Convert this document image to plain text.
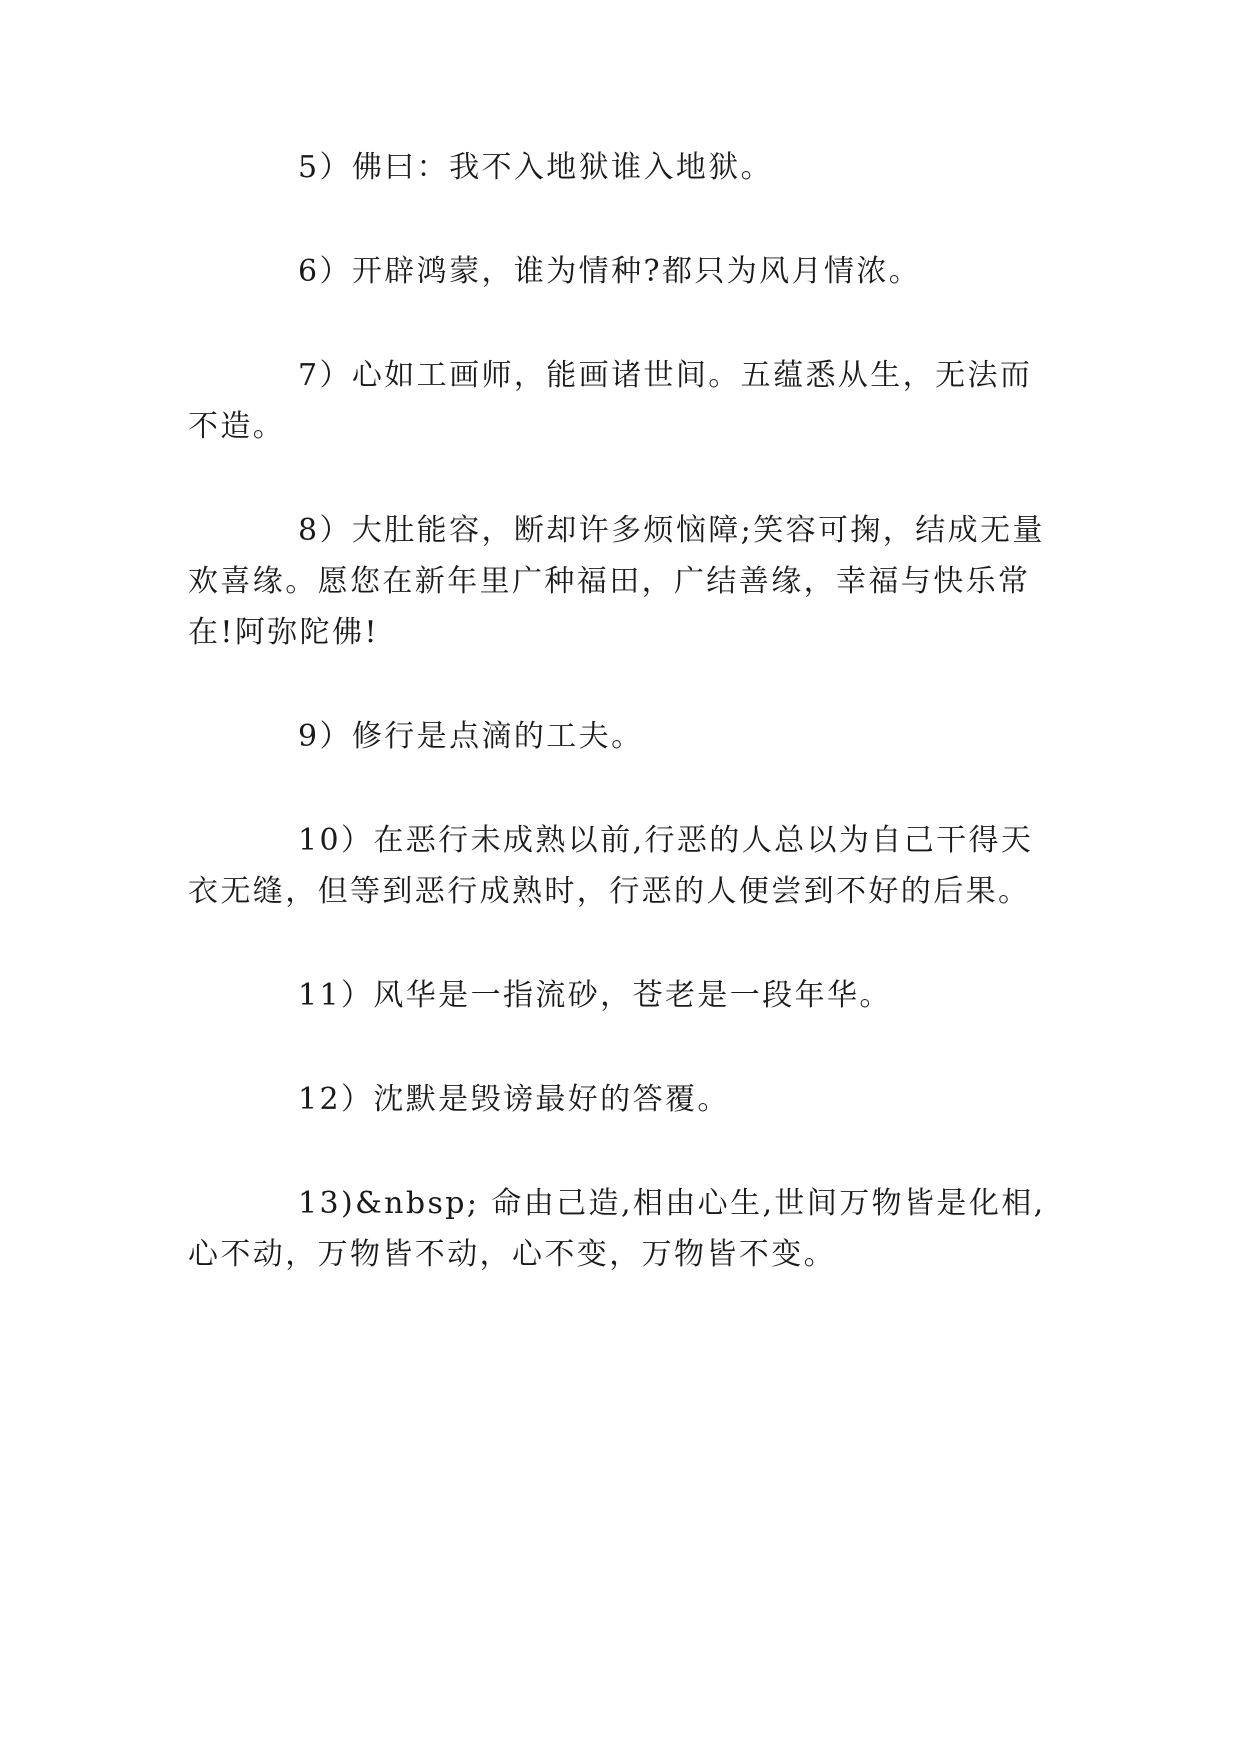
5）佛曰：我不入地狱谁入地狱。

6）开辟鸿蒙，谁为情种?都只为风月情浓。

7）心如工画师，能画诸世间。五蕴悉从生，无法而

不造。

8）大肚能容，断却许多烦恼障;笑容可掬，结成无量

欢喜缘。愿您在新年里广种福田，广结善缘，幸福与快乐常

在!阿弥陀佛!

9）修行是点滴的工夫。

10）在恶行未成熟以前,行恶的人总以为自己干得天

衣无缝，但等到恶行成熟时，行恶的人便尝到不好的后果。

11）风华是一指流砂，苍老是一段年华。

12）沈默是毁谤最好的答覆。

13)&nbsp; 命由己造,相由心生,世间万物皆是化相,

心不动，万物皆不动，心不变，万物皆不变。
